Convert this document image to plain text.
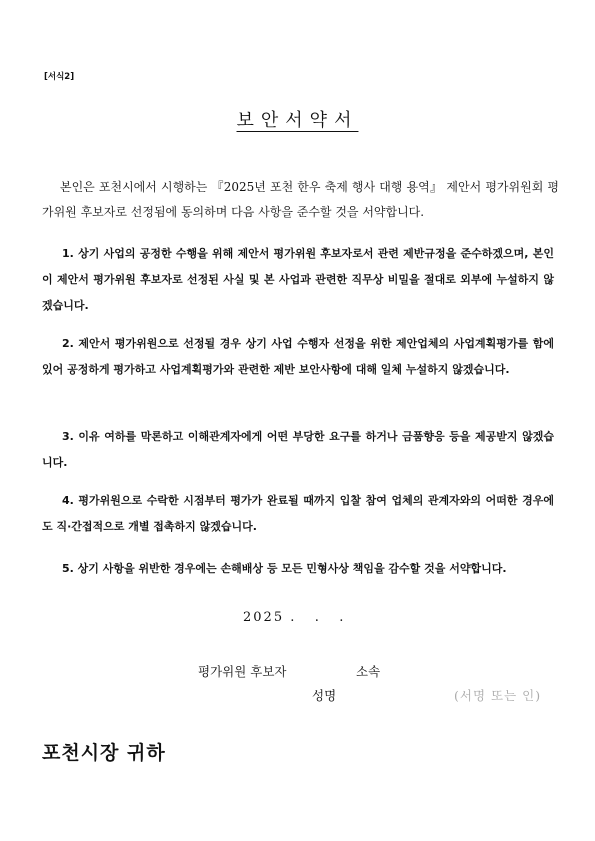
[서식2]
보안서약서
본인은 포천시에서 시행하는 『2025년 포천 한우 축제 행사 대행 용역』 제안서 평가위원회 평가위원 후보자로 선정됨에 동의하며 다음 사항을 준수할 것을 서약합니다.
1. 상기 사업의 공정한 수행을 위해 제안서 평가위원 후보자로서 관련 제반규정을 준수하겠으며, 본인이 제안서 평가위원 후보자로 선정된 사실 및 본 사업과 관련한 직무상 비밀을 절대로 외부에 누설하지 않겠습니다.
2. 제안서 평가위원으로 선정될 경우 상기 사업 수행자 선정을 위한 제안업체의 사업계획평가를 함에 있어 공정하게 평가하고 사업계획평가와 관련한 제반 보안사항에 대해 일체 누설하지 않겠습니다.
3. 이유 여하를 막론하고 이해관계자에게 어떤 부당한 요구를 하거나 금품향응 등을 제공받지 않겠습니다.
4. 평가위원으로 수락한 시점부터 평가가 완료될 때까지 입찰 참여 업체의 관계자와의 어떠한 경우에도 직·간접적으로 개별 접촉하지 않겠습니다.
5. 상기 사항을 위반한 경우에는 손해배상 등 모든 민형사상 책임을 감수할 것을 서약합니다.
2025 .   .   .
평가위원 후보자	소속
성명	(서명 또는 인)
포천시장 귀하
